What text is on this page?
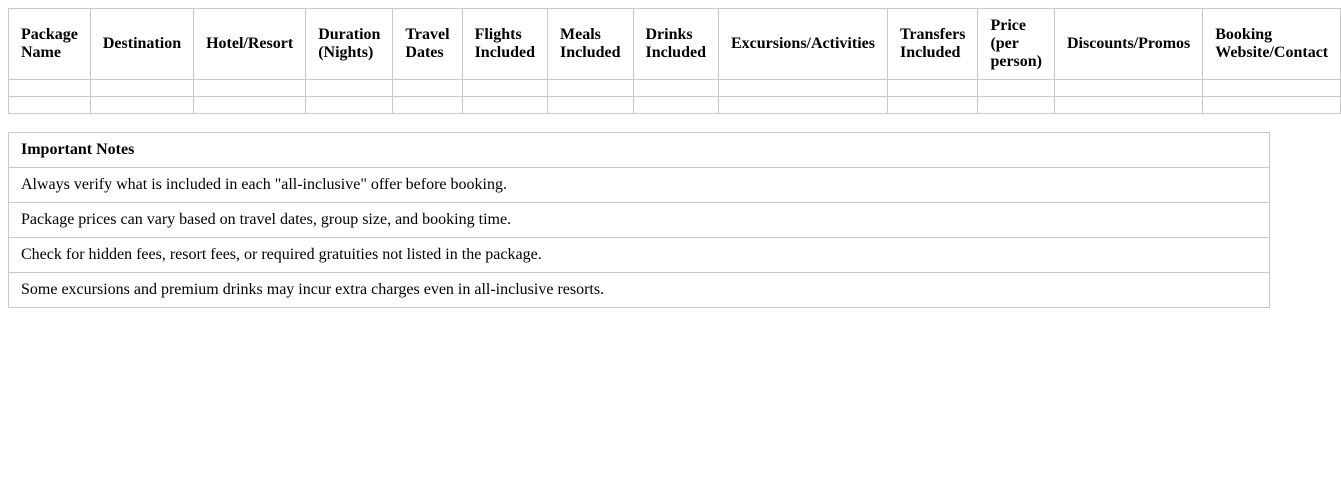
Package Name	Destination	Hotel/Resort	Duration (Nights)	Travel Dates	Flights Included	Meals Included	Drinks Included	Excursions/Activities	Transfers Included	Price (per person)	Discounts/Promos	Booking Website/Contact

Important Notes
Always verify what is included in each "all-inclusive" offer before booking.
Package prices can vary based on travel dates, group size, and booking time.
Check for hidden fees, resort fees, or required gratuities not listed in the package.
Some excursions and premium drinks may incur extra charges even in all-inclusive resorts.
